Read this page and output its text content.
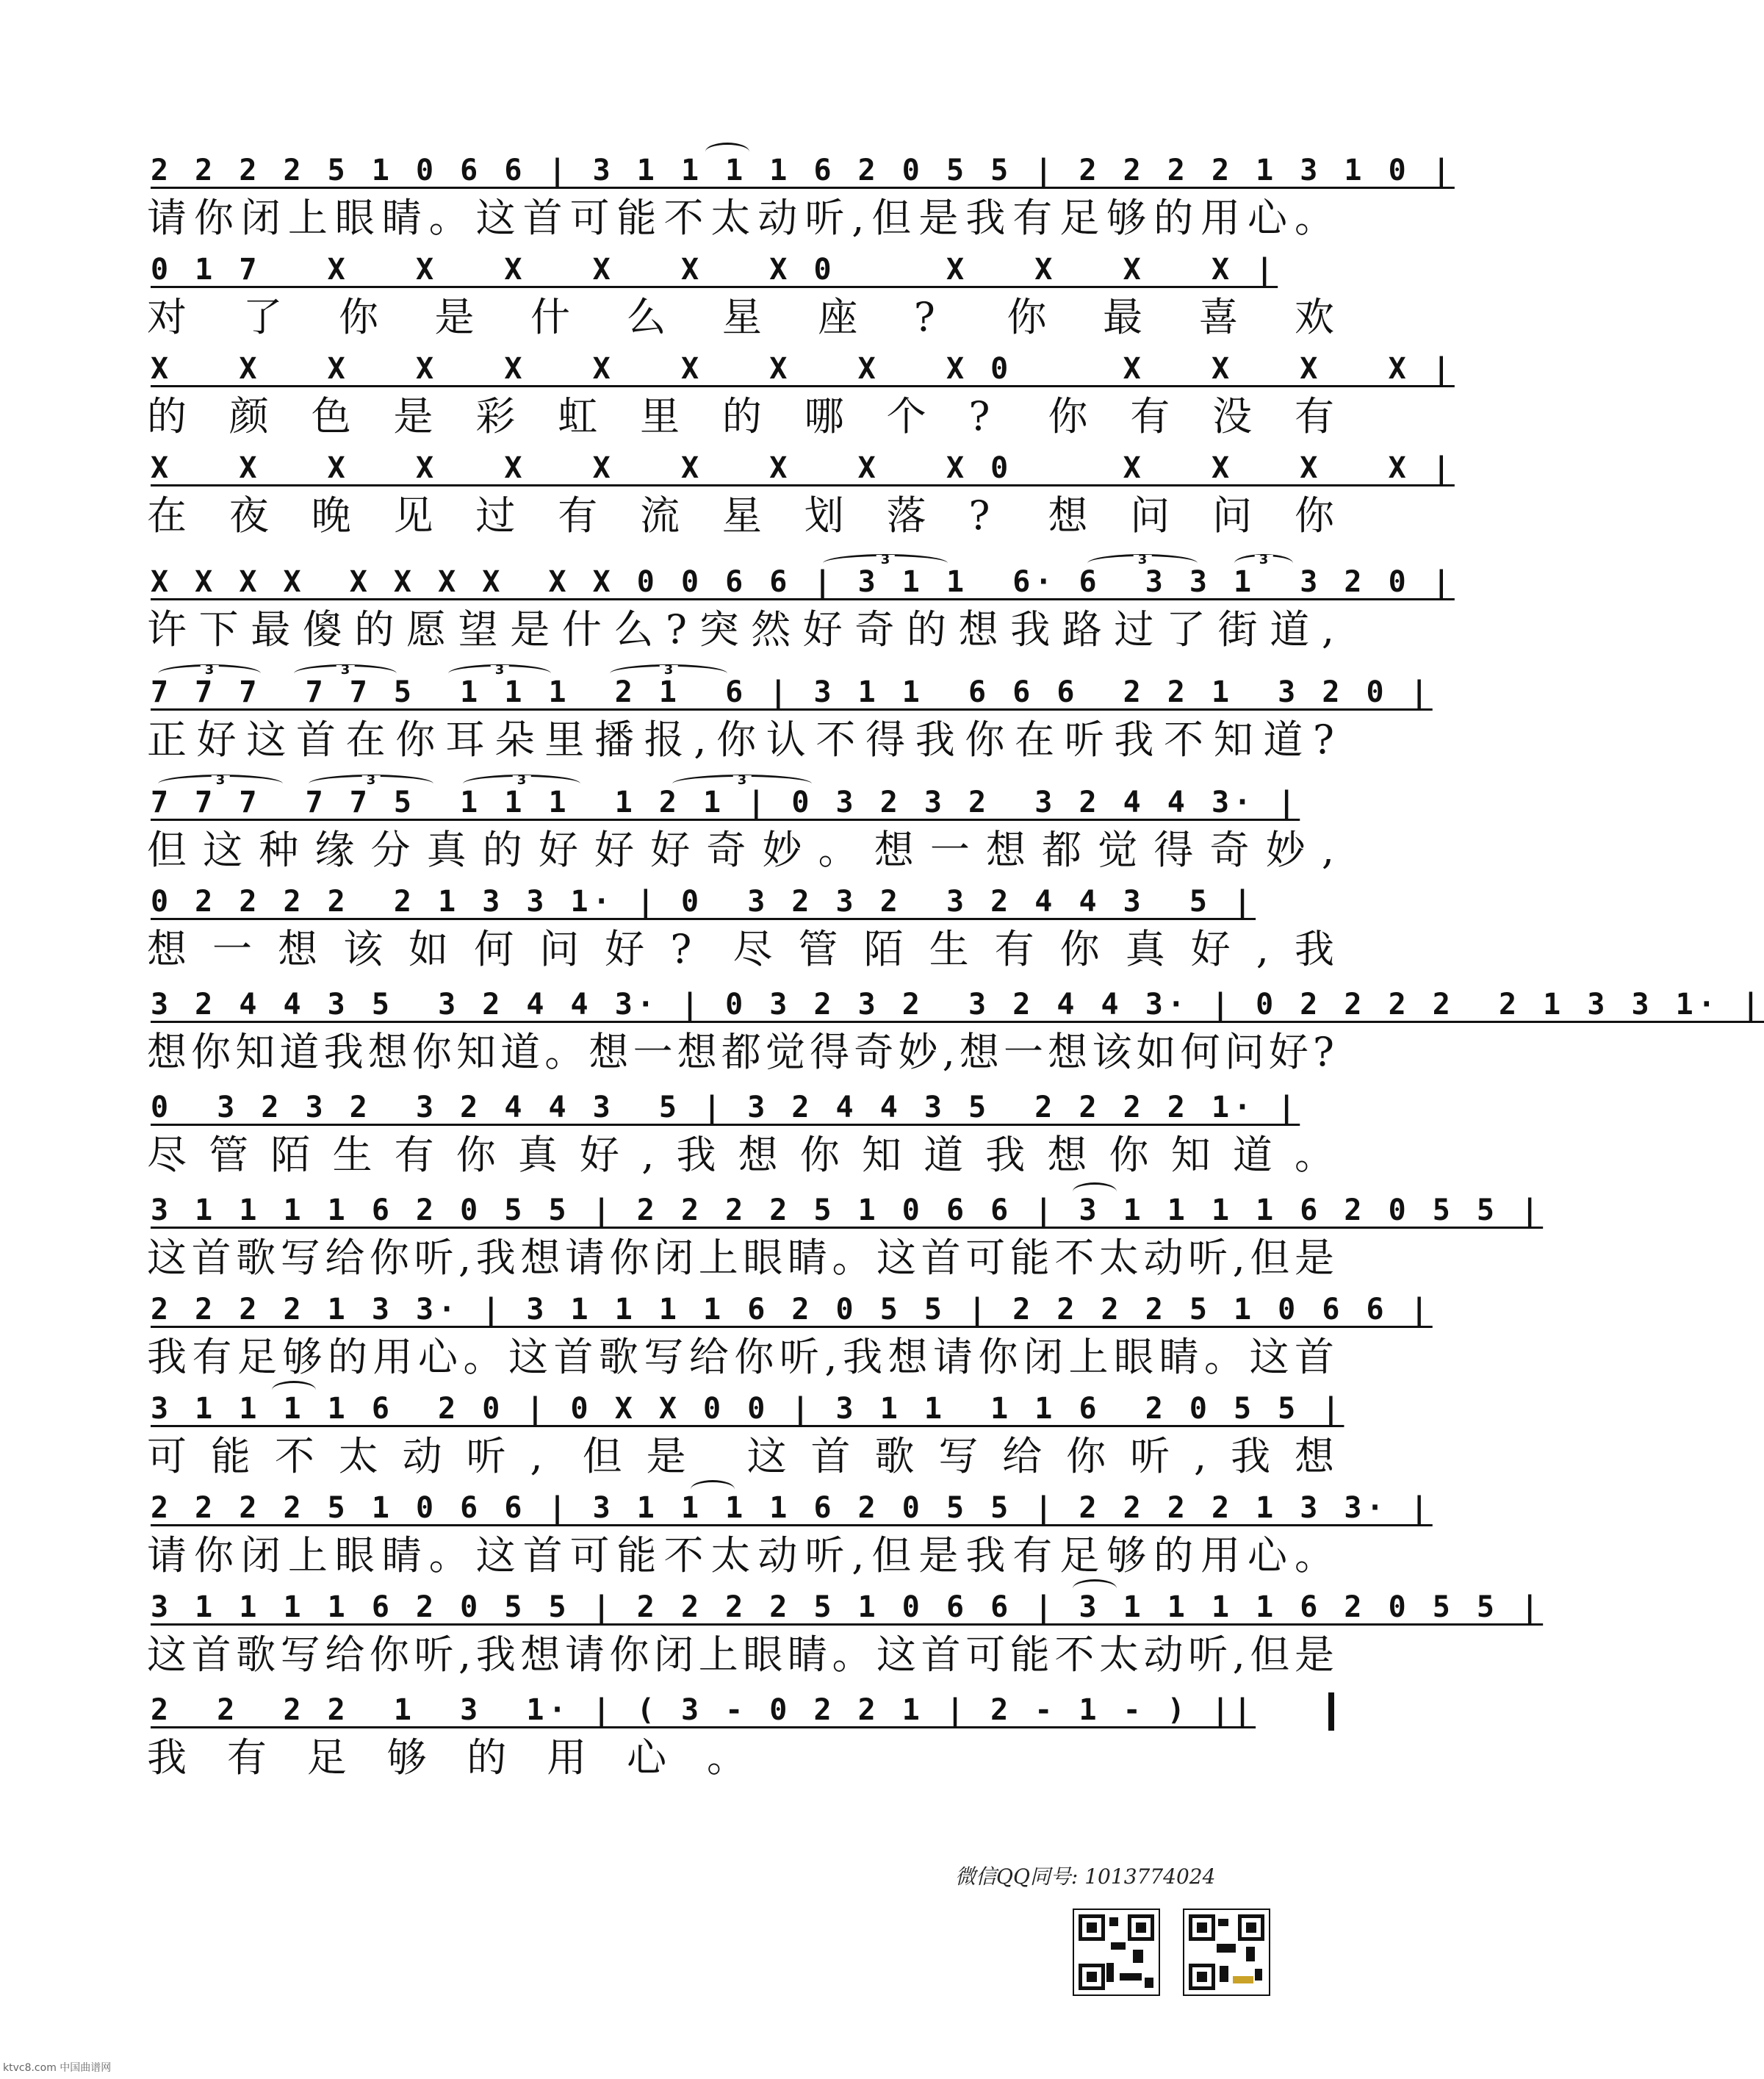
2 2 2 2 5 1 0 6 6 | 3 1 1 1 1 6 2 0 5 5 | 2 2 2 2 1 3 1 0 |
请你闭上眼睛。这首可能不太动听,但是我有足够的用心。
0 1 7   X   X   X   X   X   X 0     X   X   X   X |
对了你是什么星座? 你最喜欢
X   X   X   X   X   X   X   X   X   X 0     X   X   X   X |
的颜色是彩虹里的哪个? 你有没有
X   X   X   X   X   X   X   X   X   X 0     X   X   X   X |
在夜晚见过有流星划落? 想问问你
X X X X  X X X X  X X 0 0 6 6 | 3 1 1  6· 6  3 3 1  3 2 0 |
许下最傻的愿望是什么?突然好奇的想我路过了街道,
3	3	3
7 7 7  7 7 5  1 1 1  2 1  6 | 3 1 1  6 6 6  2 2 1  3 2 0 |
正好这首在你耳朵里播报,你认不得我你在听我不知道?
3	3	3	3
7 7 7  7 7 5  1 1 1  1 2 1 | 0 3 2 3 2  3 2 4 4 3· |
但这种缘分真的好好好奇妙。想一想都觉得奇妙,
3	3	3	3
0 2 2 2 2  2 1 3 3 1· | 0  3 2 3 2  3 2 4 4 3  5 |
想一想该如何问好? 尽管陌生有你真好,我
3 2 4 4 3 5  3 2 4 4 3· | 0 3 2 3 2  3 2 4 4 3· | 0 2 2 2 2  2 1 3 3 1· |
想你知道我想你知道。想一想都觉得奇妙,想一想该如何问好?
0  3 2 3 2  3 2 4 4 3  5 | 3 2 4 4 3 5  2 2 2 2 1· |
尽管陌生有你真好,我想你知道我想你知道。
3 1 1 1 1 6 2 0 5 5 | 2 2 2 2 5 1 0 6 6 | 3 1 1 1 1 6 2 0 5 5 |
这首歌写给你听,我想请你闭上眼睛。这首可能不太动听,但是
2 2 2 2 1 3 3· | 3 1 1 1 1 6 2 0 5 5 | 2 2 2 2 5 1 0 6 6 |
我有足够的用心。这首歌写给你听,我想请你闭上眼睛。这首
3 1 1 1 1 6  2 0 | 0 X X 0 0 | 3 1 1  1 1 6  2 0 5 5 |
可能不太动听, 但是 这首歌写给你听,我想
2 2 2 2 5 1 0 6 6 | 3 1 1 1 1 6 2 0 5 5 | 2 2 2 2 1 3 3· |
请你闭上眼睛。这首可能不太动听,但是我有足够的用心。
3 1 1 1 1 6 2 0 5 5 | 2 2 2 2 5 1 0 6 6 | 3 1 1 1 1 6 2 0 5 5 |
这首歌写给你听,我想请你闭上眼睛。这首可能不太动听,但是
2  2  2 2  1  3  1· | ( 3 - 0 2 2 1 | 2 - 1 - ) ||
我有足够的用心。
微信QQ同号: 1013774024
ktvc8.com 中国曲谱网
